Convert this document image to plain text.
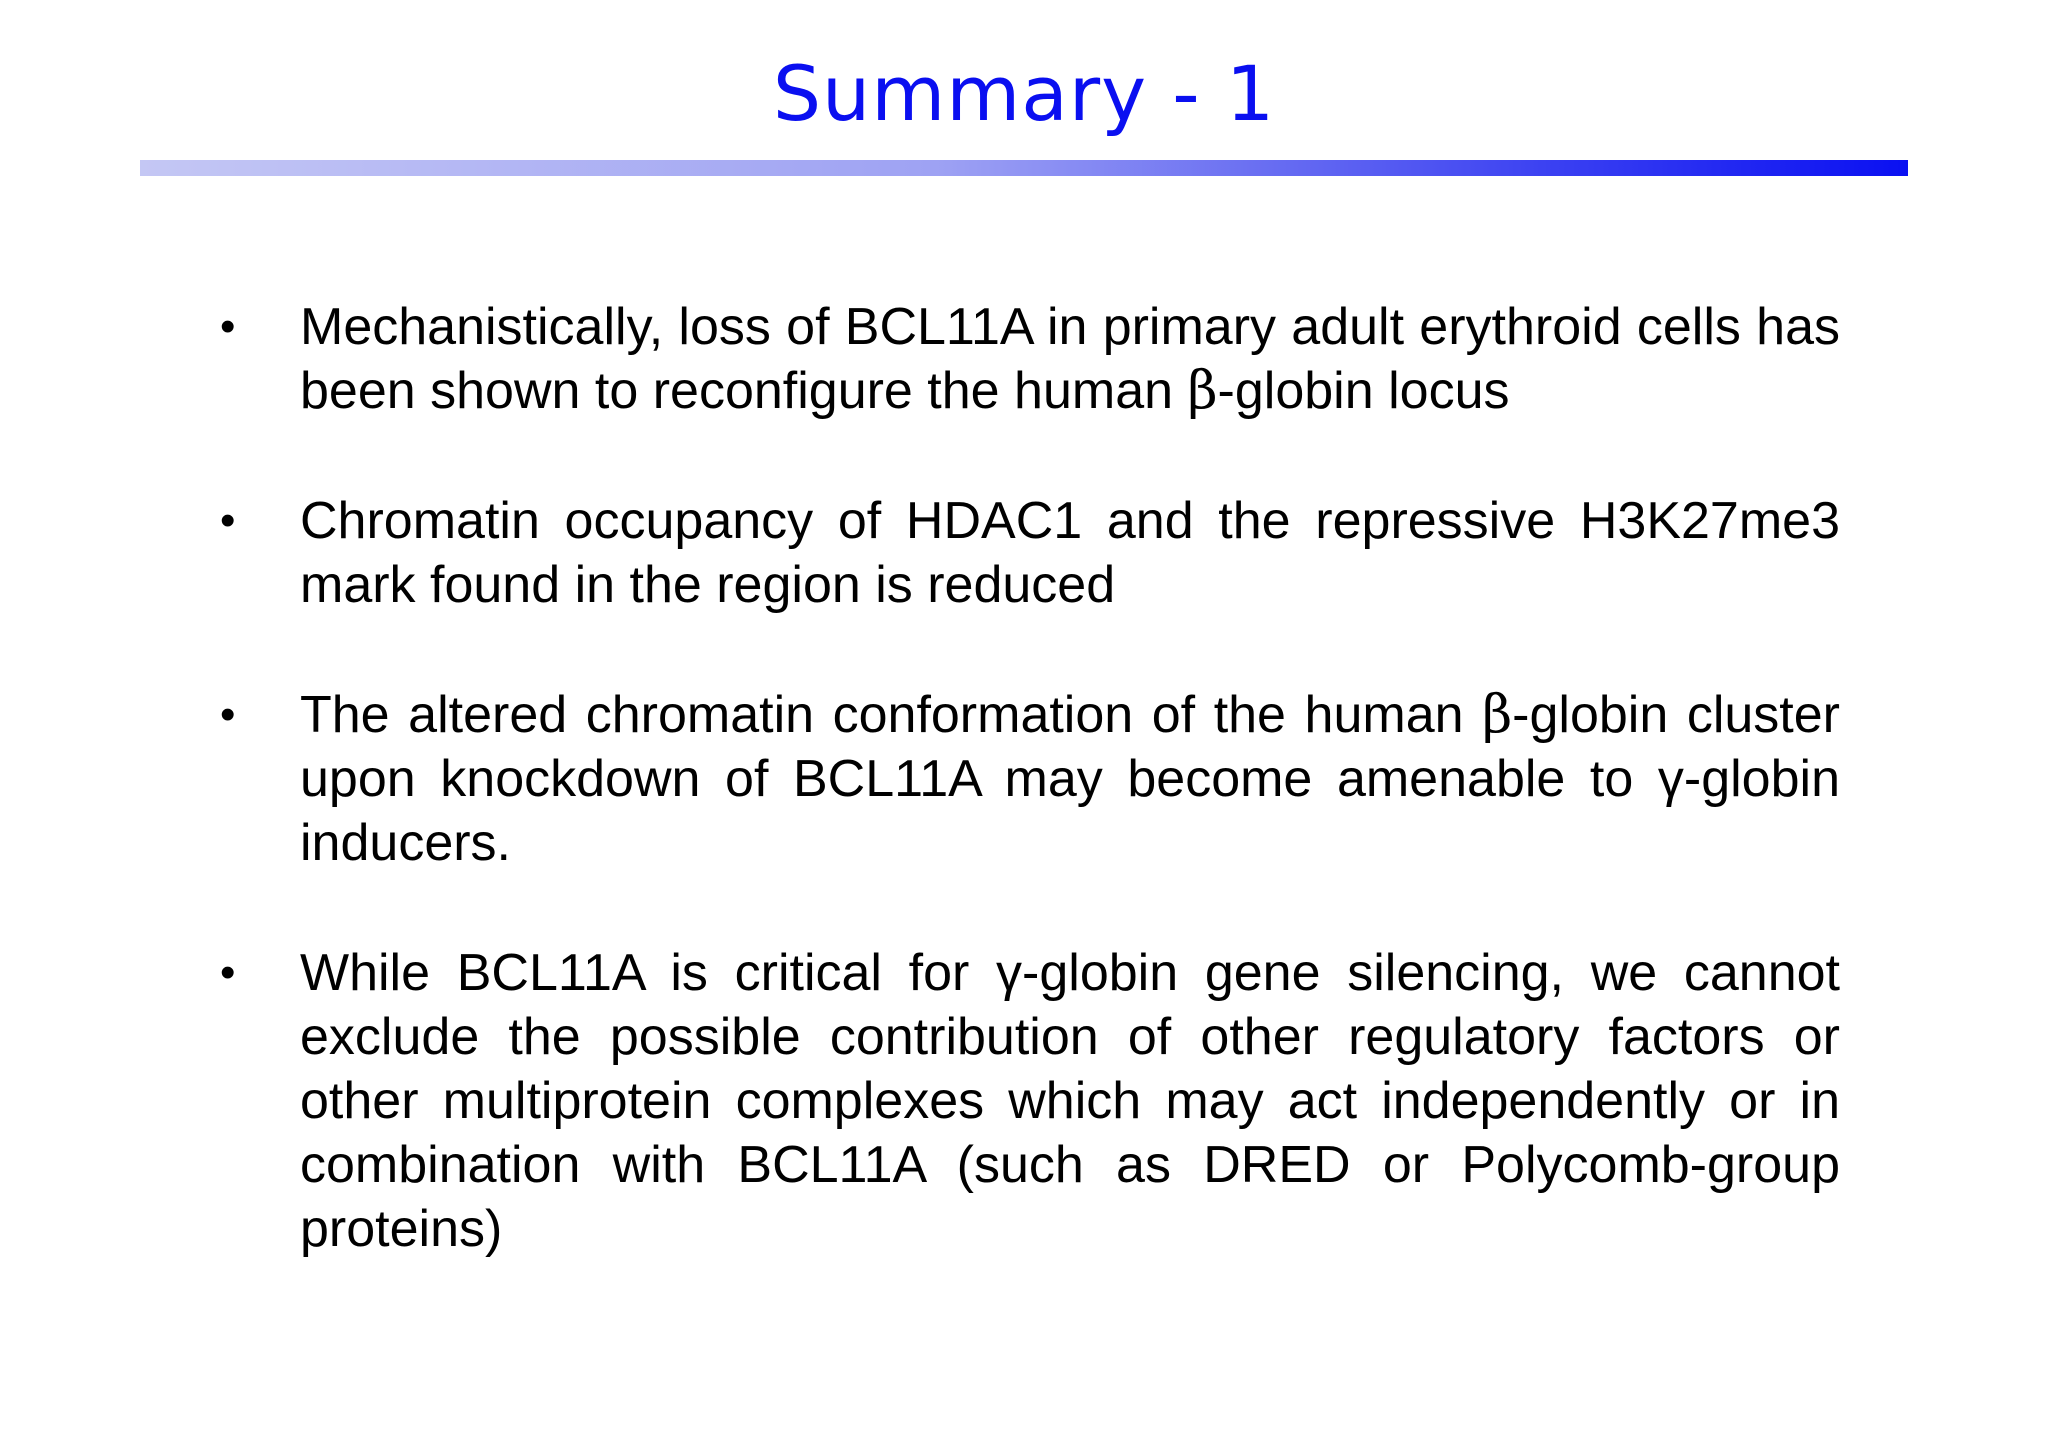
Summary - 1
• Mechanistically, loss of BCL11A in primary adult erythroid cells has been shown to reconfigure the human β-globin locus
• Chromatin occupancy of HDAC1 and the repressive H3K27me3 mark found in the region is reduced
• The altered chromatin conformation of the human β-globin cluster upon knockdown of BCL11A may become amenable to γ-globin inducers.
• While BCL11A is critical for γ-globin gene silencing, we cannot exclude the possible contribution of other regulatory factors or other multiprotein complexes which may act independently or in combination with BCL11A (such as DRED or Polycomb-group proteins)
